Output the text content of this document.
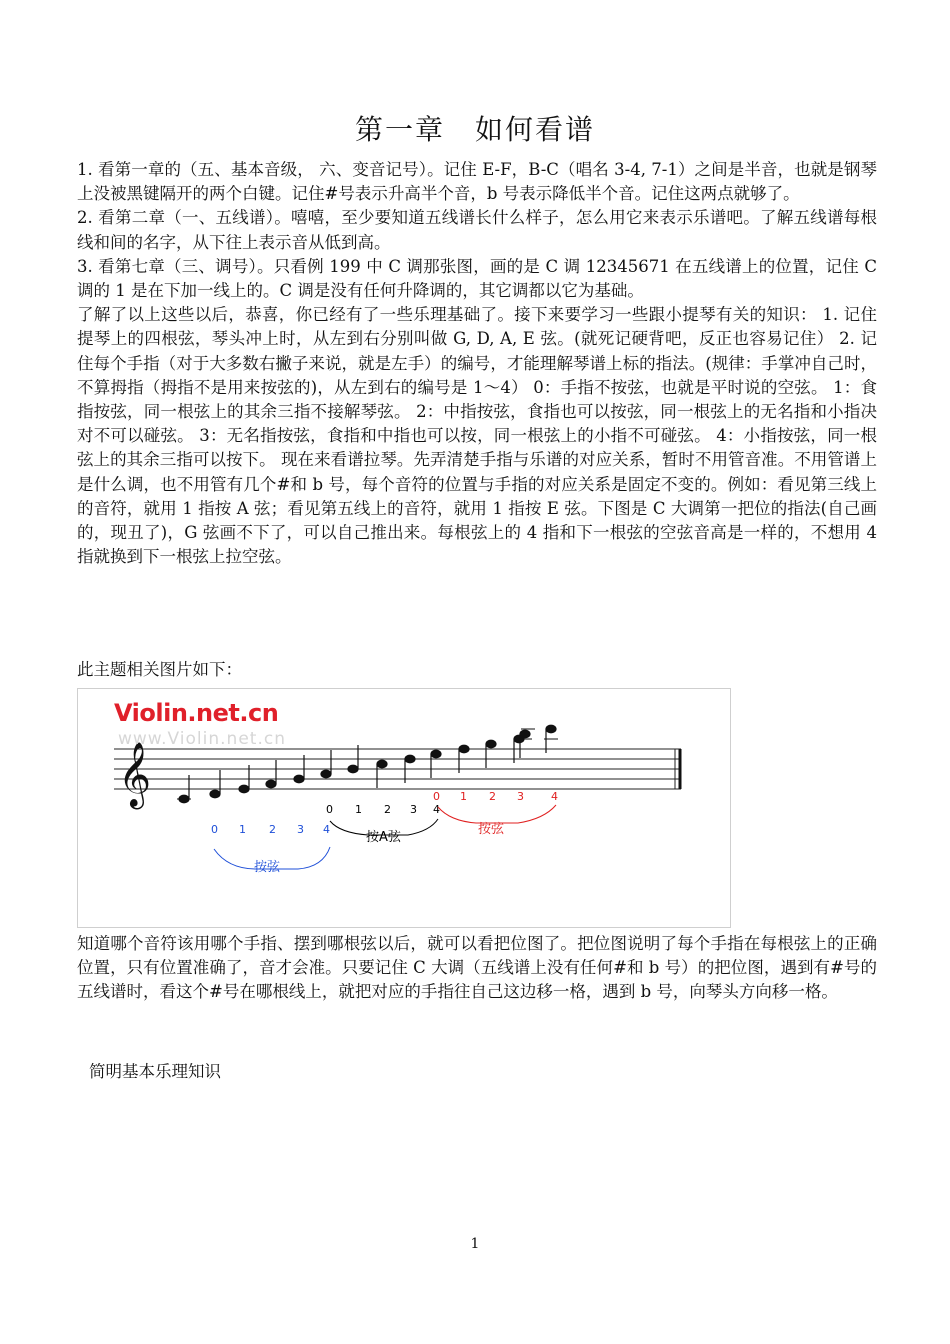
第一章　如何看谱

1. 看第一章的（五、基本音级， 六、变音记号）。记住 E-F，B-C（唱名 3-4, 7-1）之间是半音，也就是钢琴上没被黑键隔开的两个白键。记住#号表示升高半个音，b 号表示降低半个音。记住这两点就够了。

2. 看第二章（一、五线谱）。嘻嘻，至少要知道五线谱长什么样子，怎么用它来表示乐谱吧。了解五线谱每根线和间的名字，从下往上表示音从低到高。

3. 看第七章（三、调号）。只看例 199 中 C 调那张图，画的是 C 调 12345671 在五线谱上的位置，记住 C 调的 1 是在下加一线上的。C 调是没有任何升降调的，其它调都以它为基础。

了解了以上这些以后，恭喜，你已经有了一些乐理基础了。接下来要学习一些跟小提琴有关的知识： 1. 记住提琴上的四根弦，琴头冲上时，从左到右分别叫做 G, D, A, E 弦。(就死记硬背吧，反正也容易记住） 2. 记住每个手指（对于大多数右撇子来说，就是左手）的编号，才能理解琴谱上标的指法。(规律：手掌冲自己时，不算拇指（拇指不是用来按弦的)，从左到右的编号是 1～4） 0：手指不按弦，也就是平时说的空弦。 1：食指按弦，同一根弦上的其余三指不接解琴弦。 2：中指按弦，食指也可以按弦，同一根弦上的无名指和小指决对不可以碰弦。 3：无名指按弦，食指和中指也可以按，同一根弦上的小指不可碰弦。 4：小指按弦，同一根弦上的其余三指可以按下。 现在来看谱拉琴。先弄清楚手指与乐谱的对应关系，暂时不用管音准。不用管谱上是什么调，也不用管有几个#和 b 号，每个音符的位置与手指的对应关系是固定不变的。例如：看见第三线上的音符，就用 1 指按 A 弦；看见第五线上的音符，就用 1 指按 E 弦。下图是 C 大调第一把位的指法(自己画的，现丑了)，G 弦画不下了，可以自己推出来。每根弦上的 4 指和下一根弦的空弦音高是一样的，不想用 4 指就换到下一根弦上拉空弦。

此主题相关图片如下：
𝄞
0 1 2 3 4
按弦
0 1 2 3 4
按A弦
0 1 2 3 4
按弦
www.Violin.net.cn
Violin.net.cn

知道哪个音符该用哪个手指、摆到哪根弦以后，就可以看把位图了。把位图说明了每个手指在每根弦上的正确位置，只有位置准确了，音才会准。只要记住 C 大调（五线谱上没有任何#和 b 号）的把位图，遇到有#号的五线谱时，看这个#号在哪根线上，就把对应的手指往自己这边移一格，遇到 b 号，向琴头方向移一格。

简明基本乐理知识
1
